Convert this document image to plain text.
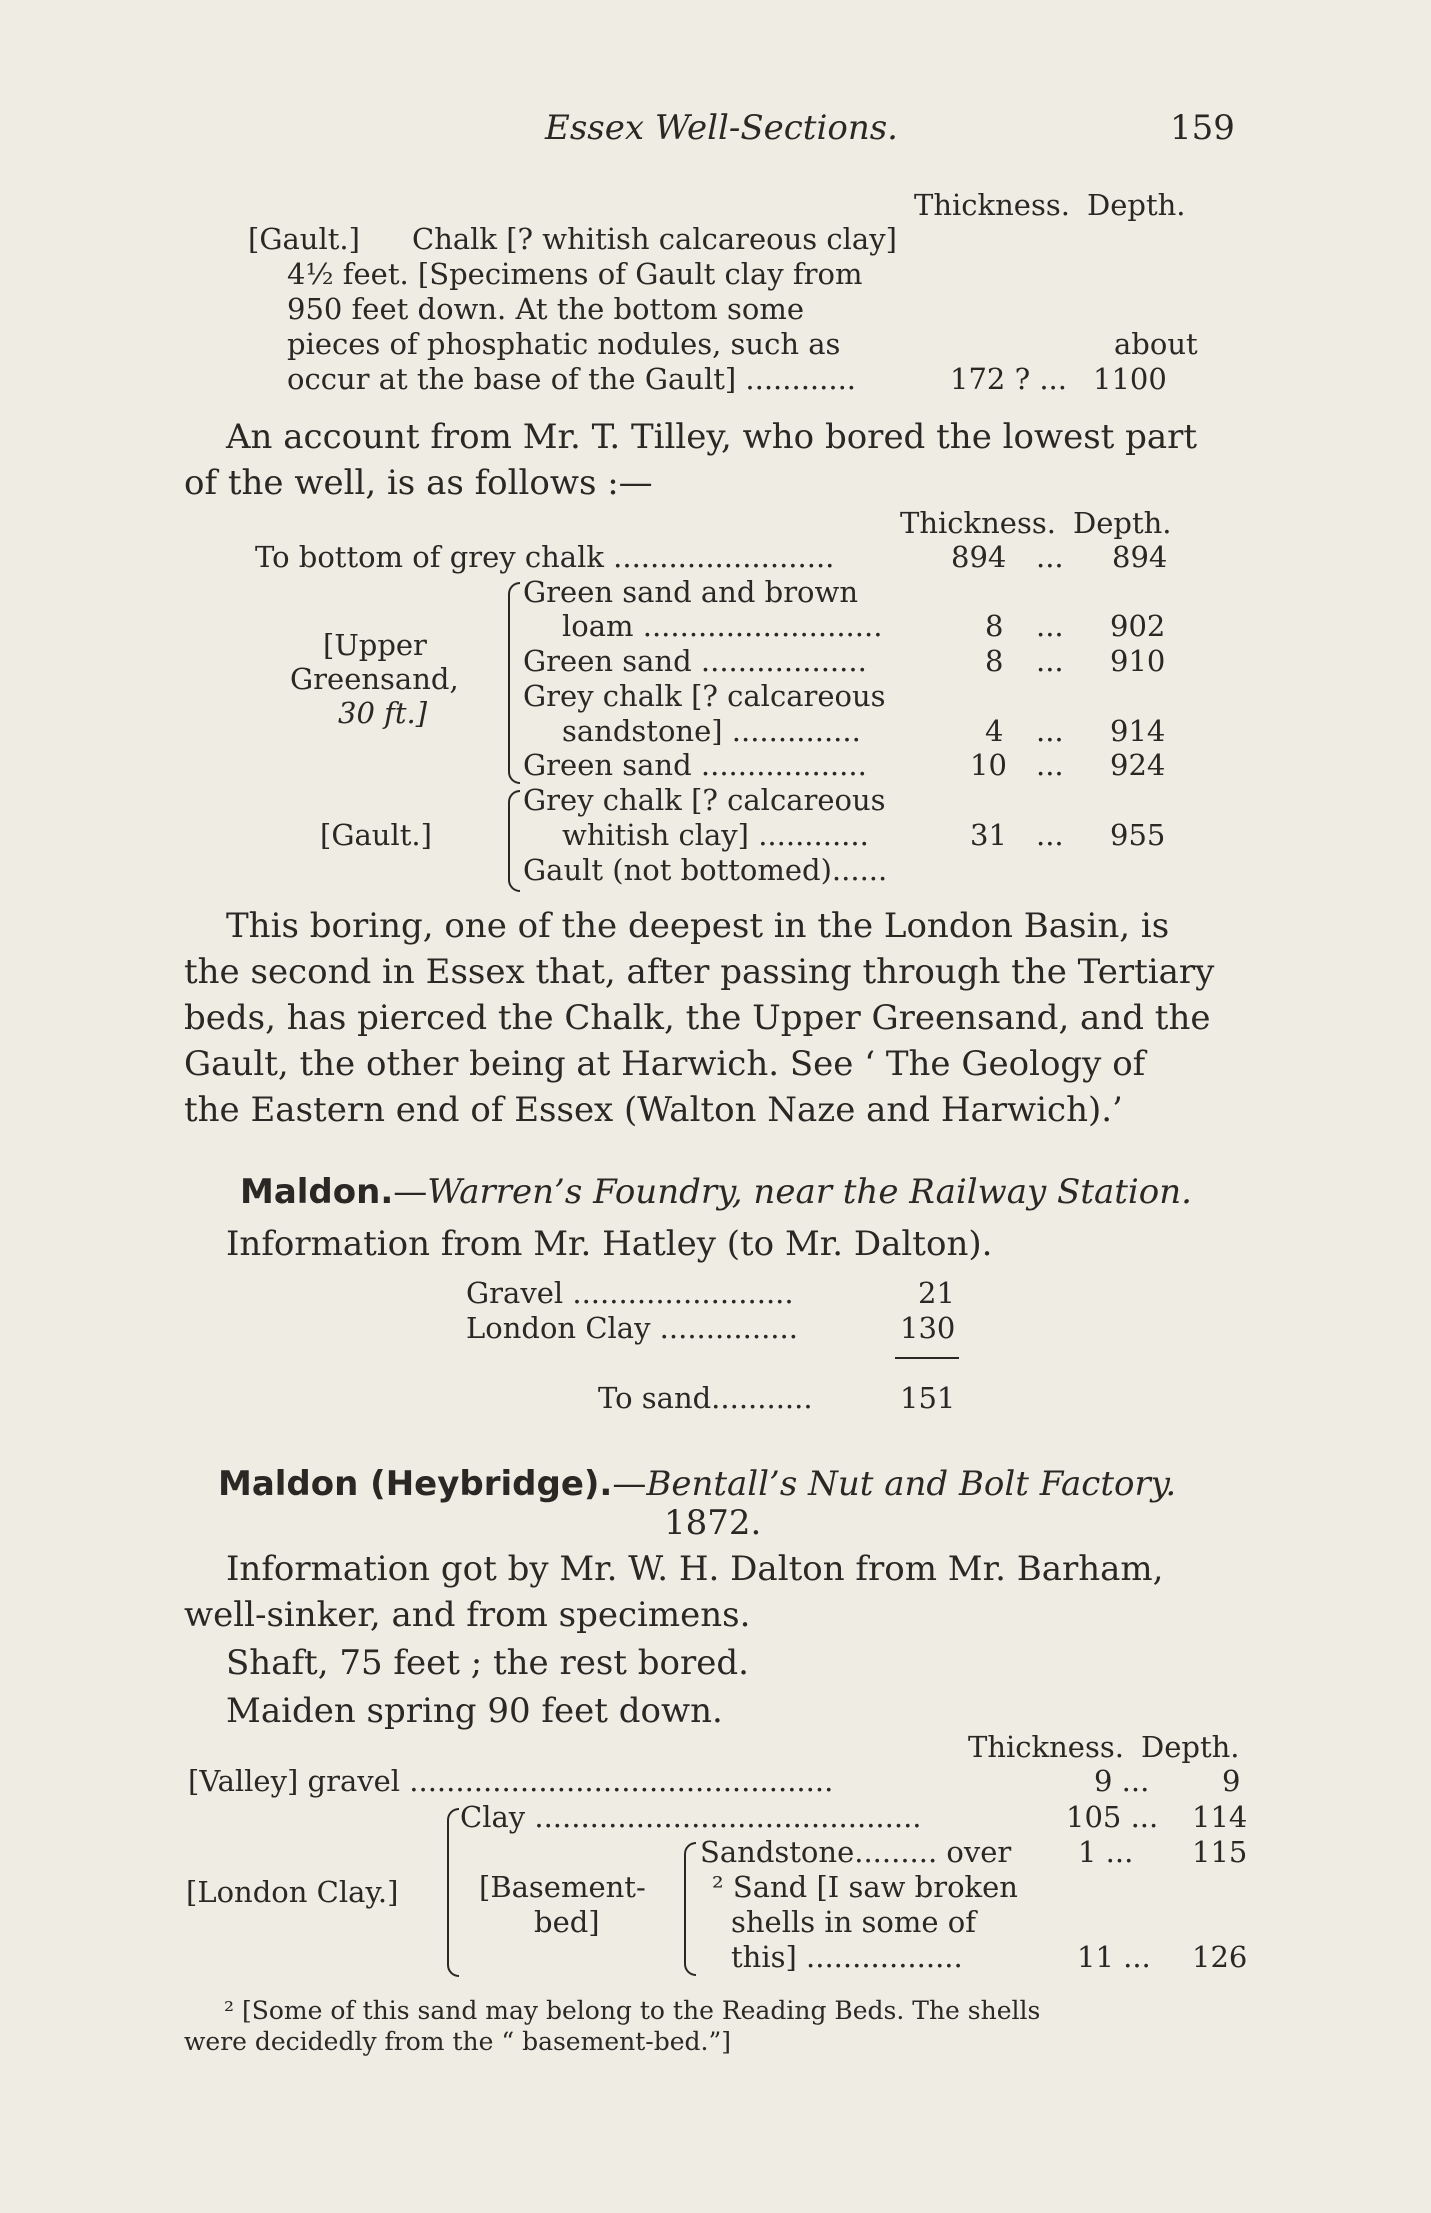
Essex Well-Sections.	159
Thickness. Depth.
[Gault.] Chalk [? whitish calcareous clay]
4½ feet. [Specimens of Gault clay from
950 feet down. At the bottom some
pieces of phosphatic nodules, such as	about
occur at the base of the Gault] ............	172 ? ... 1100
An account from Mr. T. Tilley, who bored the lowest part
of the well, is as follows :—
Thickness. Depth.
To bottom of grey chalk ........................	894 ... 894
[Upper
Greensand,
30 ft.]
Green sand and brown
loam ..........................	8 ... 902
Green sand ..................	8 ... 910
Grey chalk [? calcareous
sandstone] ..............	4 ... 914
Green sand ..................	10 ... 924
[Gault.]
Grey chalk [? calcareous
whitish clay] ............	31 ... 955
Gault (not bottomed)......
This boring, one of the deepest in the London Basin, is
the second in Essex that, after passing through the Tertiary
beds, has pierced the Chalk, the Upper Greensand, and the
Gault, the other being at Harwich. See ‘ The Geology of
the Eastern end of Essex (Walton Naze and Harwich).’
Maldon.—Warren’s Foundry, near the Railway Station.
Information from Mr. Hatley (to Mr. Dalton).
Gravel ........................	21
London Clay ...............	130
To sand...........	151
Maldon (Heybridge).—Bentall’s Nut and Bolt Factory.
1872.
Information got by Mr. W. H. Dalton from Mr. Barham,
well-sinker, and from specimens.
Shaft, 75 feet ; the rest bored.
Maiden spring 90 feet down.
Thickness. Depth.
[Valley] gravel ..............................................	9 ...	9
[London Clay.]
Clay ..........................................	105 ... 114
[Basement-
bed]
Sandstone......... over 1 ... 115
² Sand [I saw broken
shells in some of
this] .................	11 ... 126
² [Some of this sand may belong to the Reading Beds. The shells
were decidedly from the “ basement-bed.”]
